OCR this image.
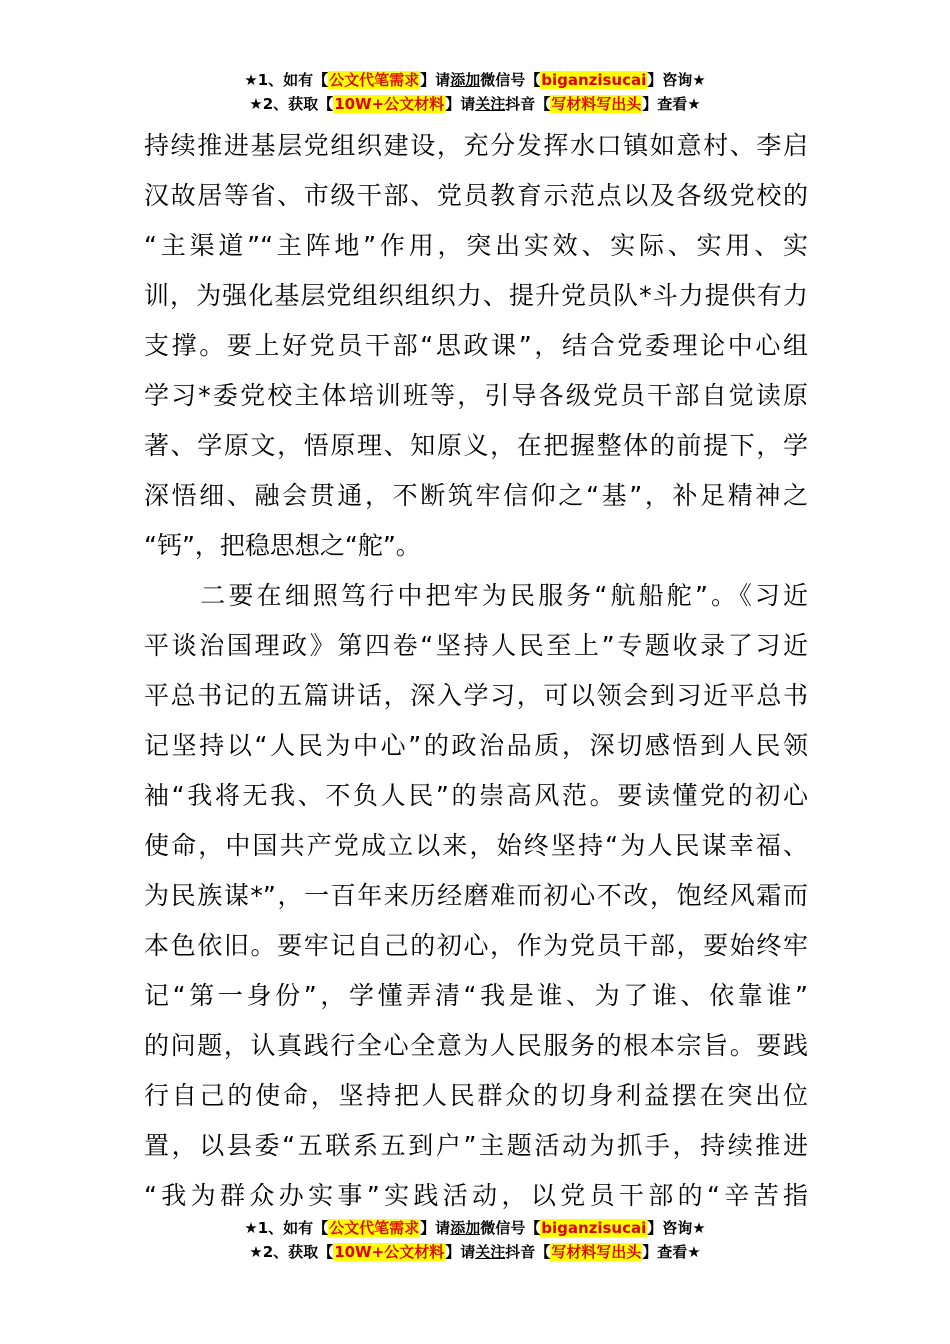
★1、如有【公文代笔需求】请添加微信号【biganzisucai】咨询★
★2、获取【10W+公文材料】请关注抖音【写材料写出头】查看★
持续推进基层党组织建设，充分发挥水口镇如意村、李启
汉故居等省、市级干部、党员教育示范点以及各级党校的
“主渠道”“主阵地”作用，突出实效、实际、实用、实
训，为强化基层党组织组织力、提升党员队*斗力提供有力
支撑。要上好党员干部“思政课”，结合党委理论中心组
学习*委党校主体培训班等，引导各级党员干部自觉读原
著、学原文，悟原理、知原义，在把握整体的前提下，学
深悟细、融会贯通，不断筑牢信仰之“基”，补足精神之
“钙”，把稳思想之“舵”。
　　二要在细照笃行中把牢为民服务“航船舵”。《习近
平谈治国理政》第四卷“坚持人民至上”专题收录了习近
平总书记的五篇讲话，深入学习，可以领会到习近平总书
记坚持以“人民为中心”的政治品质，深切感悟到人民领
袖“我将无我、不负人民”的崇高风范。要读懂党的初心
使命，中国共产党成立以来，始终坚持“为人民谋幸福、
为民族谋*”，一百年来历经磨难而初心不改，饱经风霜而
本色依旧。要牢记自己的初心，作为党员干部，要始终牢
记“第一身份”，学懂弄清“我是谁、为了谁、依靠谁”
的问题，认真践行全心全意为人民服务的根本宗旨。要践
行自己的使命，坚持把人民群众的切身利益摆在突出位
置，以县委“五联系五到户”主题活动为抓手，持续推进
“我为群众办实事”实践活动，以党员干部的“辛苦指
★1、如有【公文代笔需求】请添加微信号【biganzisucai】咨询★
★2、获取【10W+公文材料】请关注抖音【写材料写出头】查看★
